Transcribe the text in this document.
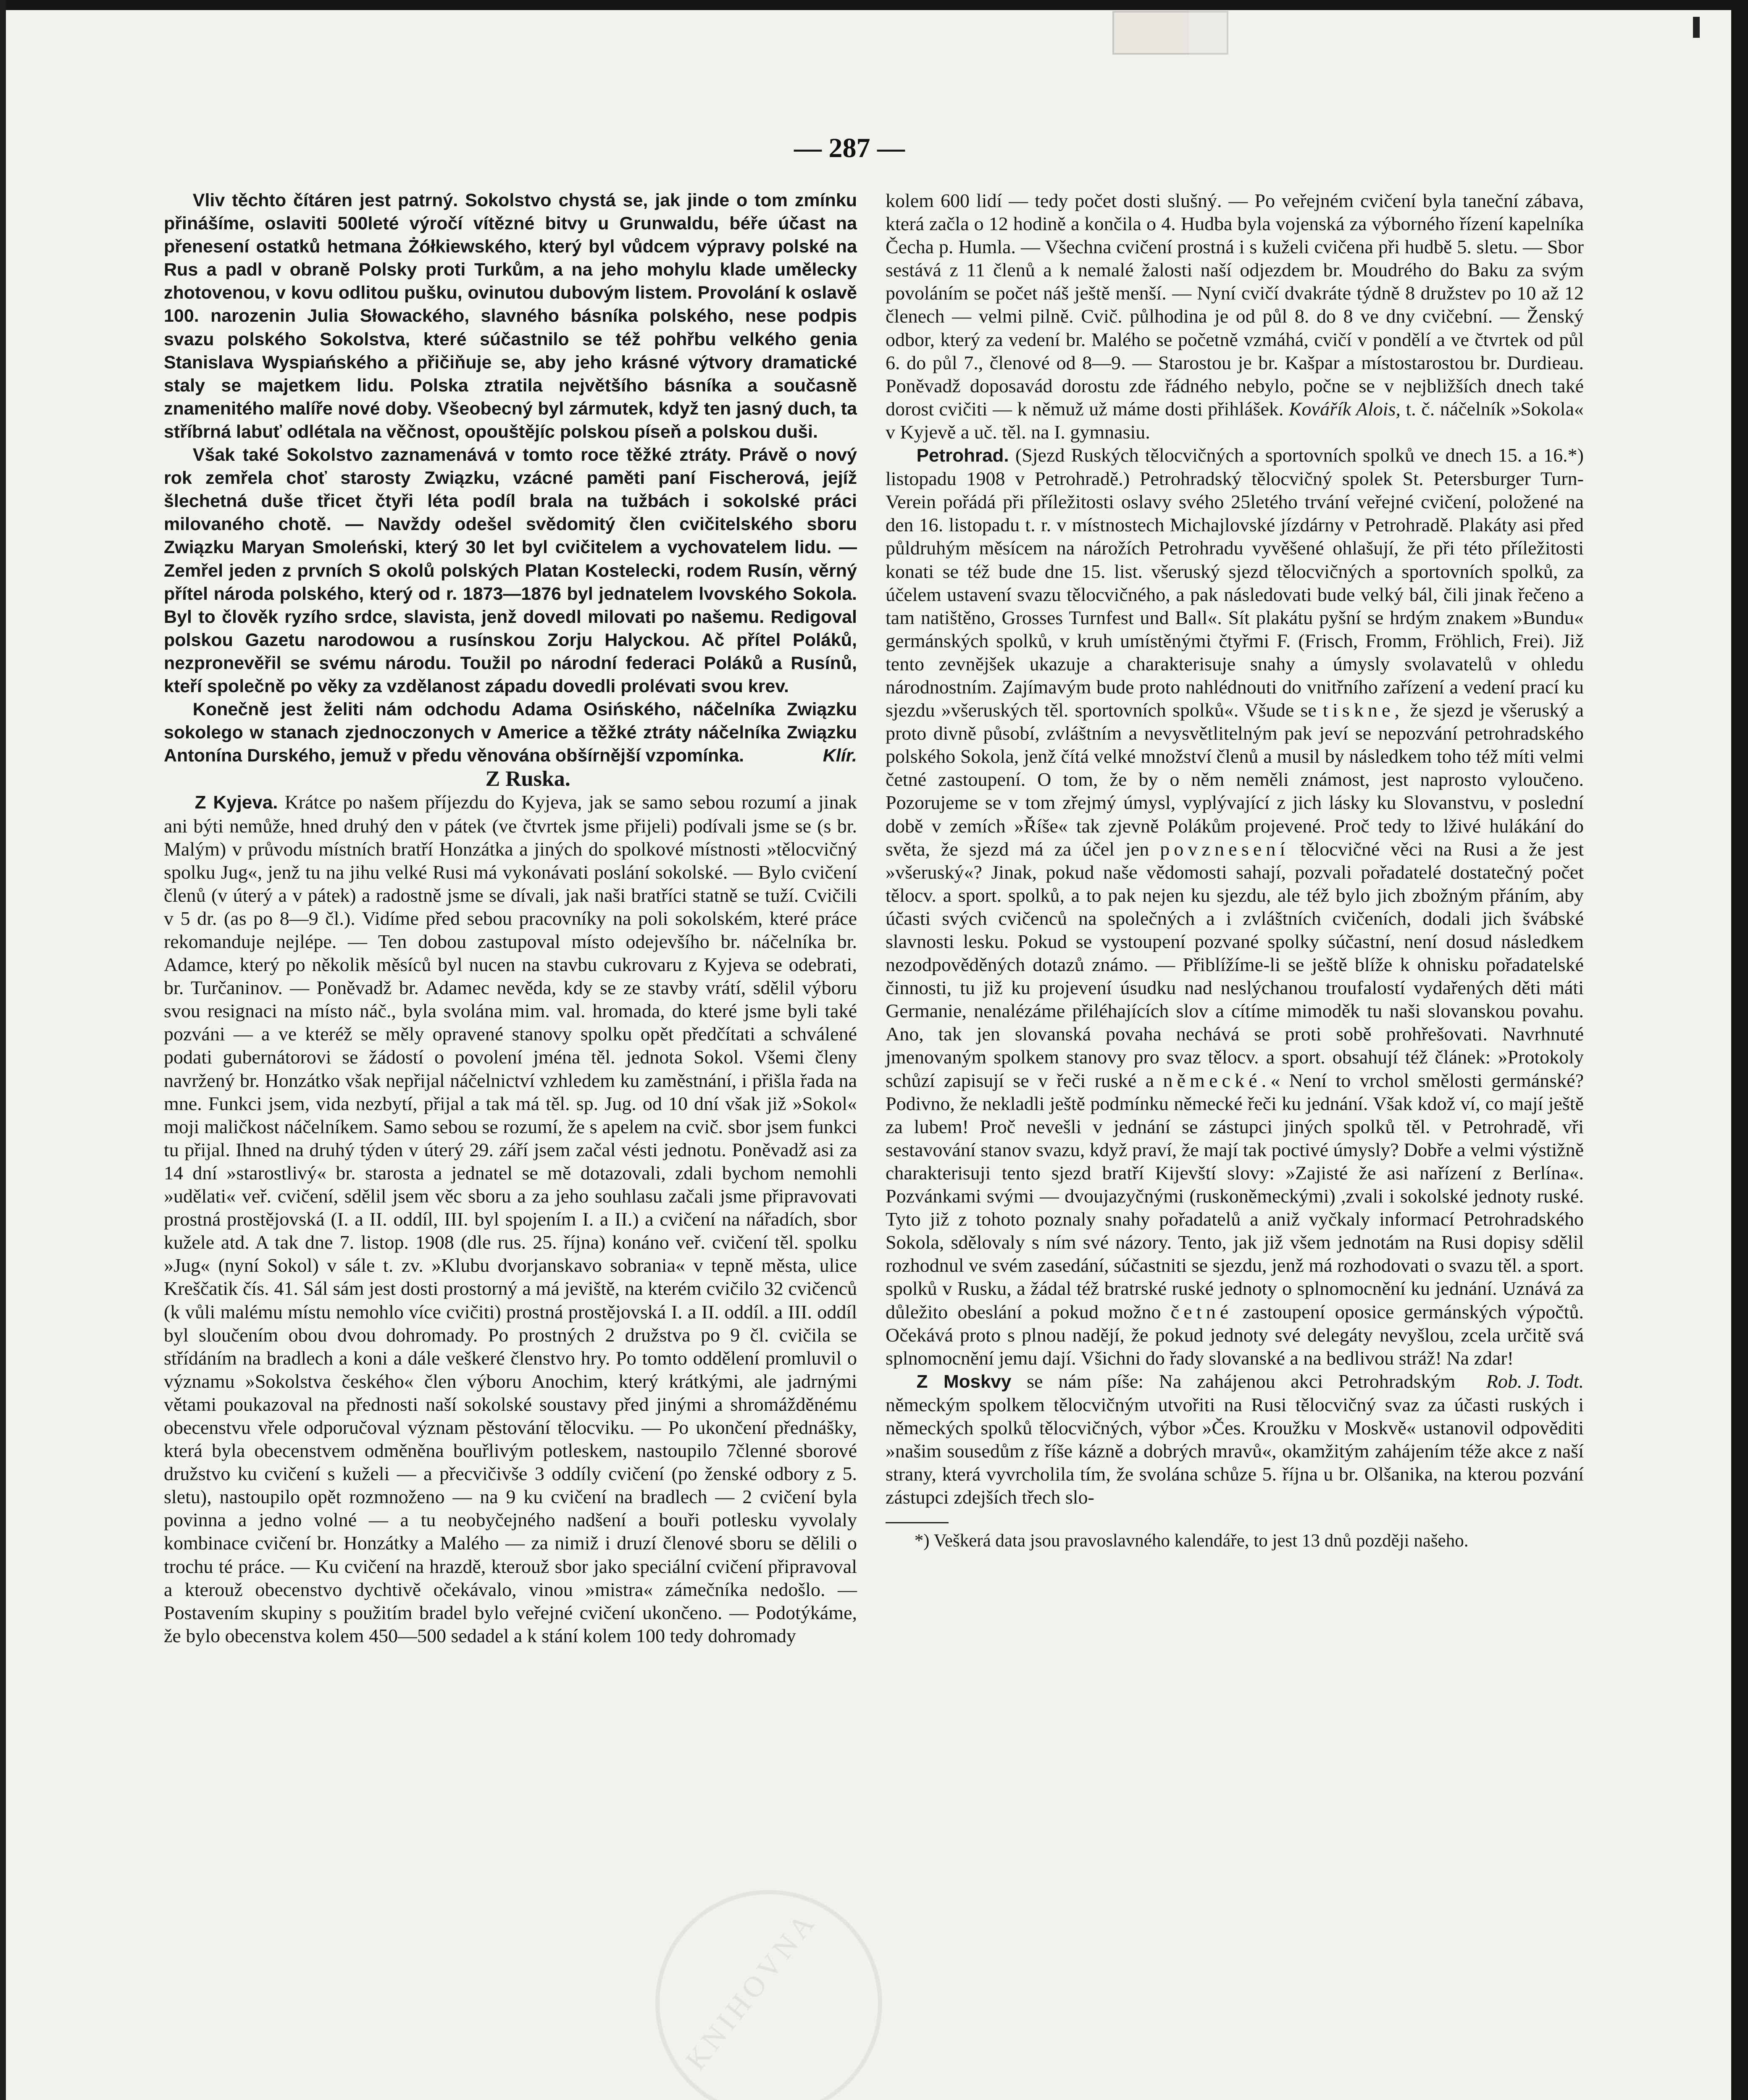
KNIHOVNA
— 287 —

Vliv těchto čítáren jest patrný. Sokolstvo chystá se, jak jinde o tom zmínku přinášíme, oslaviti 500leté výročí vítězné bitvy u Grunwaldu, béře účast na přenesení ostatků hetmana Żółkiewského, který byl vůdcem výpravy polské na Rus a padl v obraně Polsky proti Turkům, a na jeho mohylu klade umělecky zhotovenou, v kovu odlitou pušku, ovinutou dubovým listem. Provolání k oslavě 100. narozenin Julia Słowackého, slavného básníka polského, nese podpis svazu polského Sokolstva, které súčastnilo se též pohřbu velkého genia Stanislava Wyspiańského a přičiňuje se, aby jeho krásné výtvory dramatické staly se majetkem lidu. Polska ztratila největšího básníka a současně znamenitého malíře nové doby. Všeobecný byl zármutek, když ten jasný duch, ta stříbrná labuť odlétala na věčnost, opouštějíc polskou píseň a polskou duši.

Však také Sokolstvo zaznamenává v tomto roce těžké ztráty. Právě o nový rok zemřela choť starosty Związku, vzácné paměti paní Fischerová, jejíž šlechetná duše třicet čtyři léta podíl brala na tužbách i sokolské práci milovaného chotě. — Navždy odešel svědomitý člen cvičitelského sboru Związku Maryan Smoleński, který 30 let byl cvičitelem a vychovatelem lidu. — Zemřel jeden z prvních S okolů polských Platan Kostelecki, rodem Rusín, věrný přítel národa polského, který od r. 1873—1876 byl jednatelem lvovského Sokola. Byl to člověk ryzího srdce, slavista, jenž dovedl milovati po našemu. Redigoval polskou Gazetu narodowou a rusínskou Zorju Halyckou. Ač přítel Poláků, nezpronevěřil se svému národu. Toužil po národní federaci Poláků a Rusínů, kteří společně po věky za vzdělanost západu dovedli prolévati svou krev.

Konečně jest želiti nám odchodu Adama Osińského, náčelníka Związku sokolego w stanach zjednoczonych v Americe a těžké ztráty náčelníka Związku Antonína Durského, jemuž v předu věnována obšírnější vzpomínka.	Klír.

Z Ruska.

Z Kyjeva. Krátce po našem příjezdu do Kyjeva, jak se samo sebou rozumí a jinak ani býti nemůže, hned druhý den v pátek (ve čtvrtek jsme přijeli) podívali jsme se (s br. Malým) v průvodu místních bratří Honzátka a jiných do spolkové místnosti »tělocvičný spolku Jug«, jenž tu na jihu velké Rusi má vykonávati poslání sokolské. — Bylo cvičení členů (v úterý a v pátek) a radostně jsme se dívali, jak naši bratříci statně se tuží. Cvičili v 5 dr. (as po 8—9 čl.). Vidíme před sebou pracovníky na poli sokolském, které práce rekomanduje nejlépe. — Ten dobou zastupoval místo odejevšího br. náčelníka br. Adamce, který po několik měsíců byl nucen na stavbu cukrovaru z Kyjeva se odebrati, br. Turčaninov. — Poněvadž br. Adamec nevěda, kdy se ze stavby vrátí, sdělil výboru svou resignaci na místo náč., byla svolána mim. val. hromada, do které jsme byli také pozváni — a ve kteréž se měly opravené stanovy spolku opět předčítati a schválené podati gubernátorovi se žádostí o povolení jména těl. jednota Sokol. Všemi členy navržený br. Honzátko však nepřijal náčelnictví vzhledem ku zaměstnání, i přišla řada na mne. Funkci jsem, vida nezbytí, přijal a tak má těl. sp. Jug. od 10 dní však již »Sokol« moji maličkost náčelníkem. Samo sebou se rozumí, že s apelem na cvič. sbor jsem funkci tu přijal. Ihned na druhý týden v úterý 29. září jsem začal vésti jednotu. Poněvadž asi za 14 dní »starostlivý« br. starosta a jednatel se mě dotazovali, zdali bychom nemohli »udělati« veř. cvičení, sdělil jsem věc sboru a za jeho souhlasu začali jsme připravovati prostná prostějovská (I. a II. oddíl, III. byl spojením I. a II.) a cvičení na nářadích, sbor kužele atd. A tak dne 7. listop. 1908 (dle rus. 25. října) konáno veř. cvičení těl. spolku »Jug« (nyní Sokol) v sále t. zv. »Klubu dvorjanskavo sobrania« v tepně města, ulice Kreščatik čís. 41. Sál sám jest dosti prostorný a má jeviště, na kterém cvičilo 32 cvičenců (k vůli malému místu nemohlo více cvičiti) prostná prostějovská I. a II. oddíl. a III. oddíl byl sloučením obou dvou dohromady. Po prostných 2 družstva po 9 čl. cvičila se střídáním na bradlech a koni a dále veškeré členstvo hry. Po tomto oddělení promluvil o významu »Sokolstva českého« člen výboru Anochim, který krátkými, ale jadrnými větami poukazoval na přednosti naší sokolské soustavy před jinými a shromážděnému obecenstvu vřele odporučoval význam pěstování tělocviku. — Po ukončení přednášky, která byla obecenstvem odměněna bouřlivým potleskem, nastoupilo 7členné sborové družstvo ku cvičení s kuželi — a přecvičivše 3 oddíly cvičení (po ženské odbory z 5. sletu), nastoupilo opět rozmnoženo — na 9 ku cvičení na bradlech — 2 cvičení byla povinna a jedno volné — a tu neobyčejného nadšení a bouři potlesku vyvolaly kombinace cvičení br. Honzátky a Malého — za nimiž i druzí členové sboru se dělili o trochu té práce. — Ku cvičení na hrazdě, kterouž sbor jako speciální cvičení připravoval a kterouž obecenstvo dychtivě očekávalo, vinou »mistra« zámečníka nedošlo. — Postavením skupiny s použitím bradel bylo veřejné cvičení ukončeno. — Podotýkáme, že bylo obecenstva kolem 450—500 sedadel a k stání kolem 100 tedy dohromady

kolem 600 lidí — tedy počet dosti slušný. — Po veřejném cvičení byla taneční zábava, která začla o 12 hodině a končila o 4. Hudba byla vojenská za výborného řízení kapelníka Čecha p. Humla. — Všechna cvičení prostná i s kuželi cvičena při hudbě 5. sletu. — Sbor sestává z 11 členů a k nemalé žalosti naší odjezdem br. Moudrého do Baku za svým povoláním se počet náš ještě menší. — Nyní cvičí dvakráte týdně 8 družstev po 10 až 12 členech — velmi pilně. Cvič. půlhodina je od půl 8. do 8 ve dny cvičební. — Ženský odbor, který za vedení br. Malého se početně vzmáhá, cvičí v pondělí a ve čtvrtek od půl 6. do půl 7., členové od 8—9. — Starostou je br. Kašpar a místostarostou br. Durdieau. Poněvadž doposavád dorostu zde řádného nebylo, počne se v nejbližších dnech také dorost cvičiti — k němuž už máme dosti přihlášek. Kovářík Alois, t. č. náčelník »Sokola« v Kyjevě a uč. těl. na I. gymnasiu.

Petrohrad. (Sjezd Ruských tělocvičných a sportovních spolků ve dnech 15. a 16.*) listopadu 1908 v Petrohradě.) Petrohradský tělocvičný spolek St. Petersburger Turn-Verein pořádá při příležitosti oslavy svého 25letého trvání veřejné cvičení, položené na den 16. listopadu t. r. v místnostech Michajlovské jízdárny v Petrohradě. Plakáty asi před půldruhým měsícem na nárožích Petrohradu vyvěšené ohlašují, že při této příležitosti konati se též bude dne 15. list. všeruský sjezd tělocvičných a sportovních spolků, za účelem ustavení svazu tělocvičného, a pak následovati bude velký bál, čili jinak řečeno a tam natištěno, Grosses Turnfest und Ball«. Sít plakátu pyšní se hrdým znakem »Bundu« germánských spolků, v kruh umístěnými čtyřmi F. (Frisch, Fromm, Fröhlich, Frei). Již tento zevnějšek ukazuje a charakterisuje snahy a úmysly svolavatelů v ohledu národnostním. Zajímavým bude proto nahlédnouti do vnitřního zařízení a vedení prací ku sjezdu »všeruských těl. sportovních spolků«. Všude se tiskne, že sjezd je všeruský a proto divně působí, zvláštním a nevysvětlitelným pak jeví se nepozvání petrohradského polského Sokola, jenž čítá velké množství členů a musil by následkem toho též míti velmi četné zastoupení. O tom, že by o něm neměli známost, jest naprosto vyloučeno. Pozorujeme se v tom zřejmý úmysl, vyplývající z jich lásky ku Slovanstvu, v poslední době v zemích »Říše« tak zjevně Polákům projevené. Proč tedy to lživé hulákání do světa, že sjezd má za účel jen povznesení tělocvičné věci na Rusi a že jest »všeruský«? Jinak, pokud naše vědomosti sahají, pozvali pořadatelé dostatečný počet tělocv. a sport. spolků, a to pak nejen ku sjezdu, ale též bylo jich zbožným přáním, aby účasti svých cvičenců na společných a i zvláštních cvičeních, dodali jich švábské slavnosti lesku. Pokud se vystoupení pozvané spolky súčastní, není dosud následkem nezodpověděných dotazů známo. — Přiblížíme-li se ještě blíže k ohnisku pořadatelské činnosti, tu již ku projevení úsudku nad neslýchanou troufalostí vydařených děti máti Germanie, nenalézáme přiléhajících slov a cítíme mimoděk tu naši slovanskou povahu. Ano, tak jen slovanská povaha nechává se proti sobě prohřešovati. Navrhnuté jmenovaným spolkem stanovy pro svaz tělocv. a sport. obsahují též článek: »Protokoly schůzí zapisují se v řeči ruské a německé.« Není to vrchol smělosti germánské? Podivno, že nekladli ještě podmínku německé řeči ku jednání. Však kdož ví, co mají ještě za lubem! Proč nevešli v jednání se zástupci jiných spolků těl. v Petrohradě, vři sestavování stanov svazu, když praví, že mají tak poctivé úmysly? Dobře a velmi výstižně charakterisuji tento sjezd bratří Kijevští slovy: »Zajisté že asi nařízení z Berlína«. Pozvánkami svými — dvoujazyčnými (ruskoněmeckými) ,zvali i sokolské jednoty ruské. Tyto již z tohoto poznaly snahy pořadatelů a aniž vyčkaly informací Petrohradského Sokola, sdělovaly s ním své názory. Tento, jak již všem jednotám na Rusi dopisy sdělil rozhodnul ve svém zasedání, súčastniti se sjezdu, jenž má rozhodovati o svazu těl. a sport. spolků v Rusku, a žádal též bratrské ruské jednoty o splnomocnění ku jednání. Uznává za důležito obeslání a pokud možno četné zastoupení oposice germánských výpočtů. Očekává proto s plnou nadějí, že pokud jednoty své delegáty nevyšlou, zcela určitě svá splnomocnění jemu dají. Všichni do řady slovanské a na bedlivou stráž! Na zdar!
Rob. J. Todt.

Z Moskvy se nám píše: Na zahájenou akci Petrohradským německým spolkem tělocvičným utvořiti na Rusi tělocvičný svaz za účasti ruských i německých spolků tělocvičných, výbor »Čes. Kroužku v Moskvě« ustanovil odpověditi »našim sousedům z říše kázně a dobrých mravů«, okamžitým zahájením téže akce z naší strany, která vyvrcholila tím, že svolána schůze 5. října u br. Olšanika, na kterou pozvání zástupci zdejších třech slo-

*) Veškerá data jsou pravoslavného kalendáře, to jest 13 dnů později našeho.
